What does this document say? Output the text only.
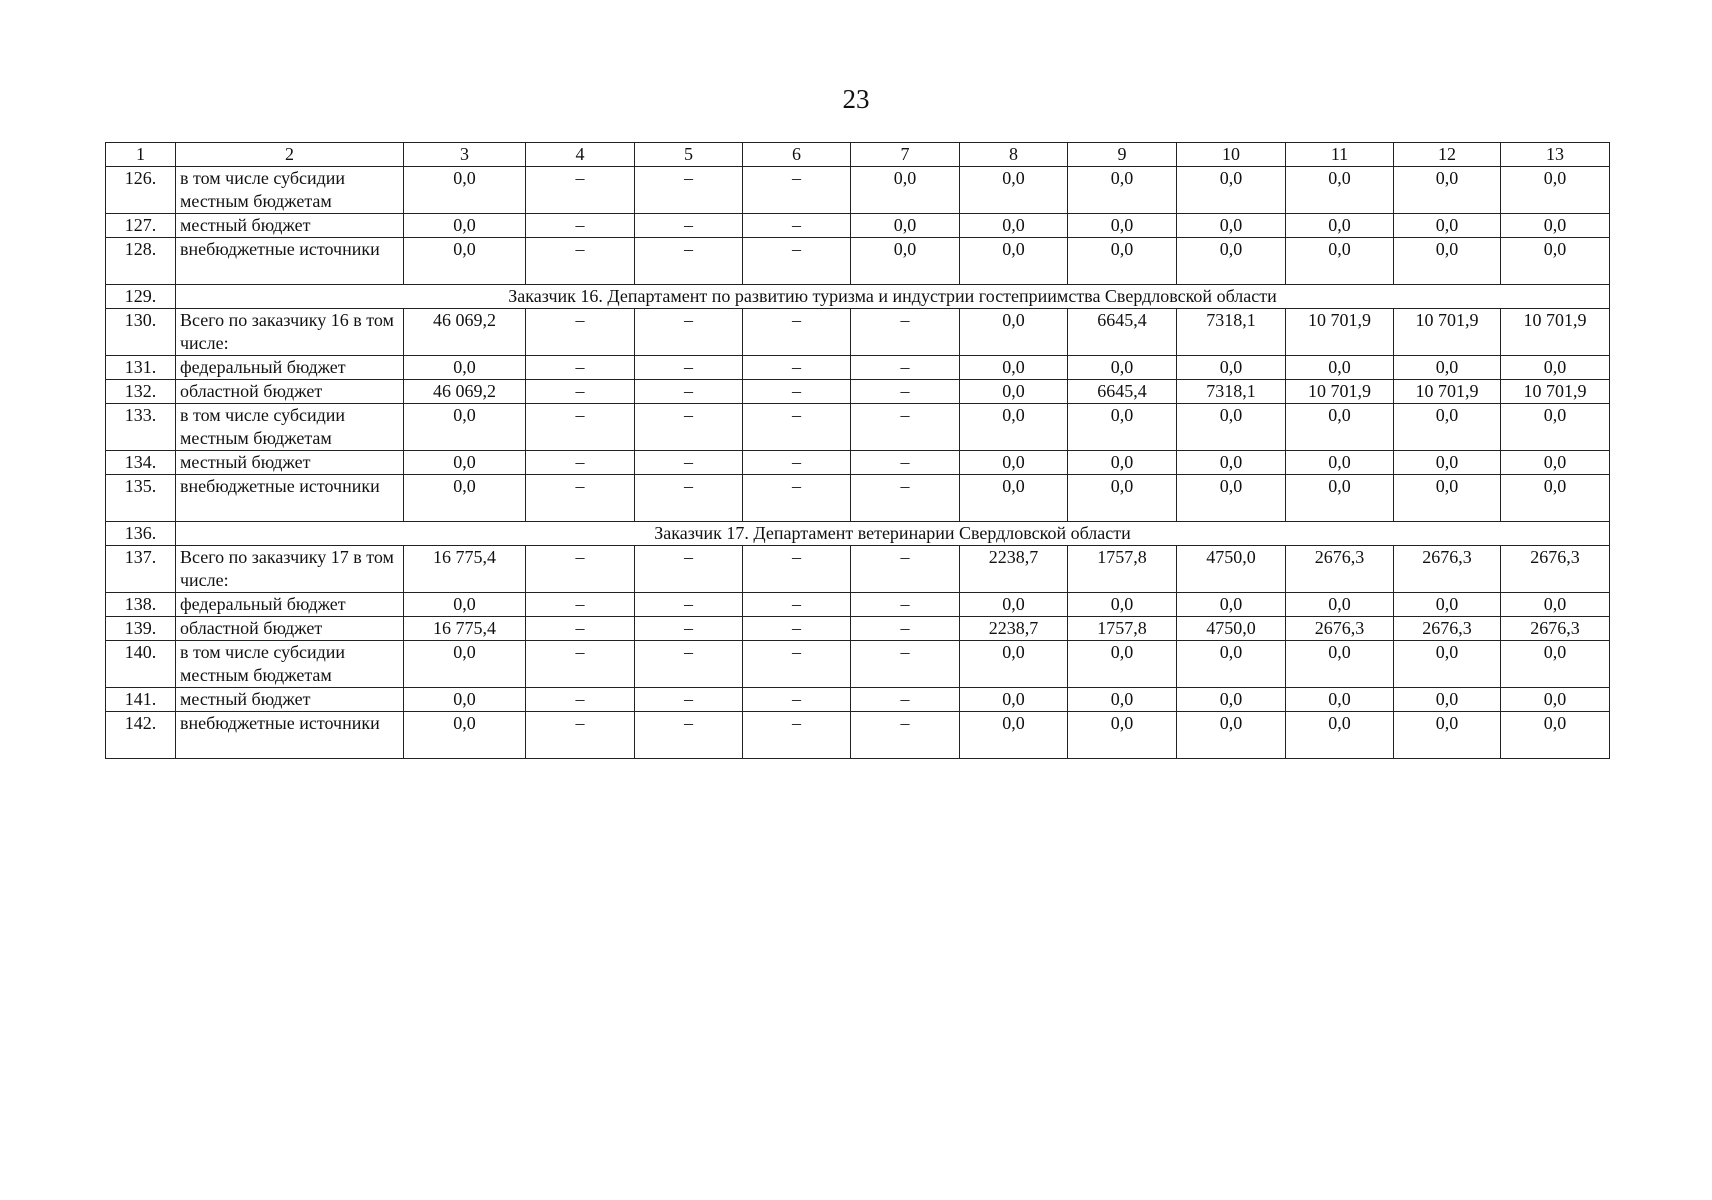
23
1	2	3	4	5	6	7	8	9	10	11	12	13
126.	в том числе субсидии местным бюджетам	0,0	–	–	–	0,0	0,0	0,0	0,0	0,0	0,0	0,0
127.	местный бюджет	0,0	–	–	–	0,0	0,0	0,0	0,0	0,0	0,0	0,0
128.	внебюджетные источники	0,0	–	–	–	0,0	0,0	0,0	0,0	0,0	0,0	0,0
129.	Заказчик 16. Департамент по развитию туризма и индустрии гостеприимства Свердловской области											
130.	Всего по заказчику 16 в том числе:	46 069,2	–	–	–	–	0,0	6645,4	7318,1	10 701,9	10 701,9	10 701,9
131.	федеральный бюджет	0,0	–	–	–	–	0,0	0,0	0,0	0,0	0,0	0,0
132.	областной бюджет	46 069,2	–	–	–	–	0,0	6645,4	7318,1	10 701,9	10 701,9	10 701,9
133.	в том числе субсидии местным бюджетам	0,0	–	–	–	–	0,0	0,0	0,0	0,0	0,0	0,0
134.	местный бюджет	0,0	–	–	–	–	0,0	0,0	0,0	0,0	0,0	0,0
135.	внебюджетные источники	0,0	–	–	–	–	0,0	0,0	0,0	0,0	0,0	0,0
136.	Заказчик 17. Департамент ветеринарии Свердловской области											
137.	Всего по заказчику 17 в том числе:	16 775,4	–	–	–	–	2238,7	1757,8	4750,0	2676,3	2676,3	2676,3
138.	федеральный бюджет	0,0	–	–	–	–	0,0	0,0	0,0	0,0	0,0	0,0
139.	областной бюджет	16 775,4	–	–	–	–	2238,7	1757,8	4750,0	2676,3	2676,3	2676,3
140.	в том числе субсидии местным бюджетам	0,0	–	–	–	–	0,0	0,0	0,0	0,0	0,0	0,0
141.	местный бюджет	0,0	–	–	–	–	0,0	0,0	0,0	0,0	0,0	0,0
142.	внебюджетные источники	0,0	–	–	–	–	0,0	0,0	0,0	0,0	0,0	0,0
